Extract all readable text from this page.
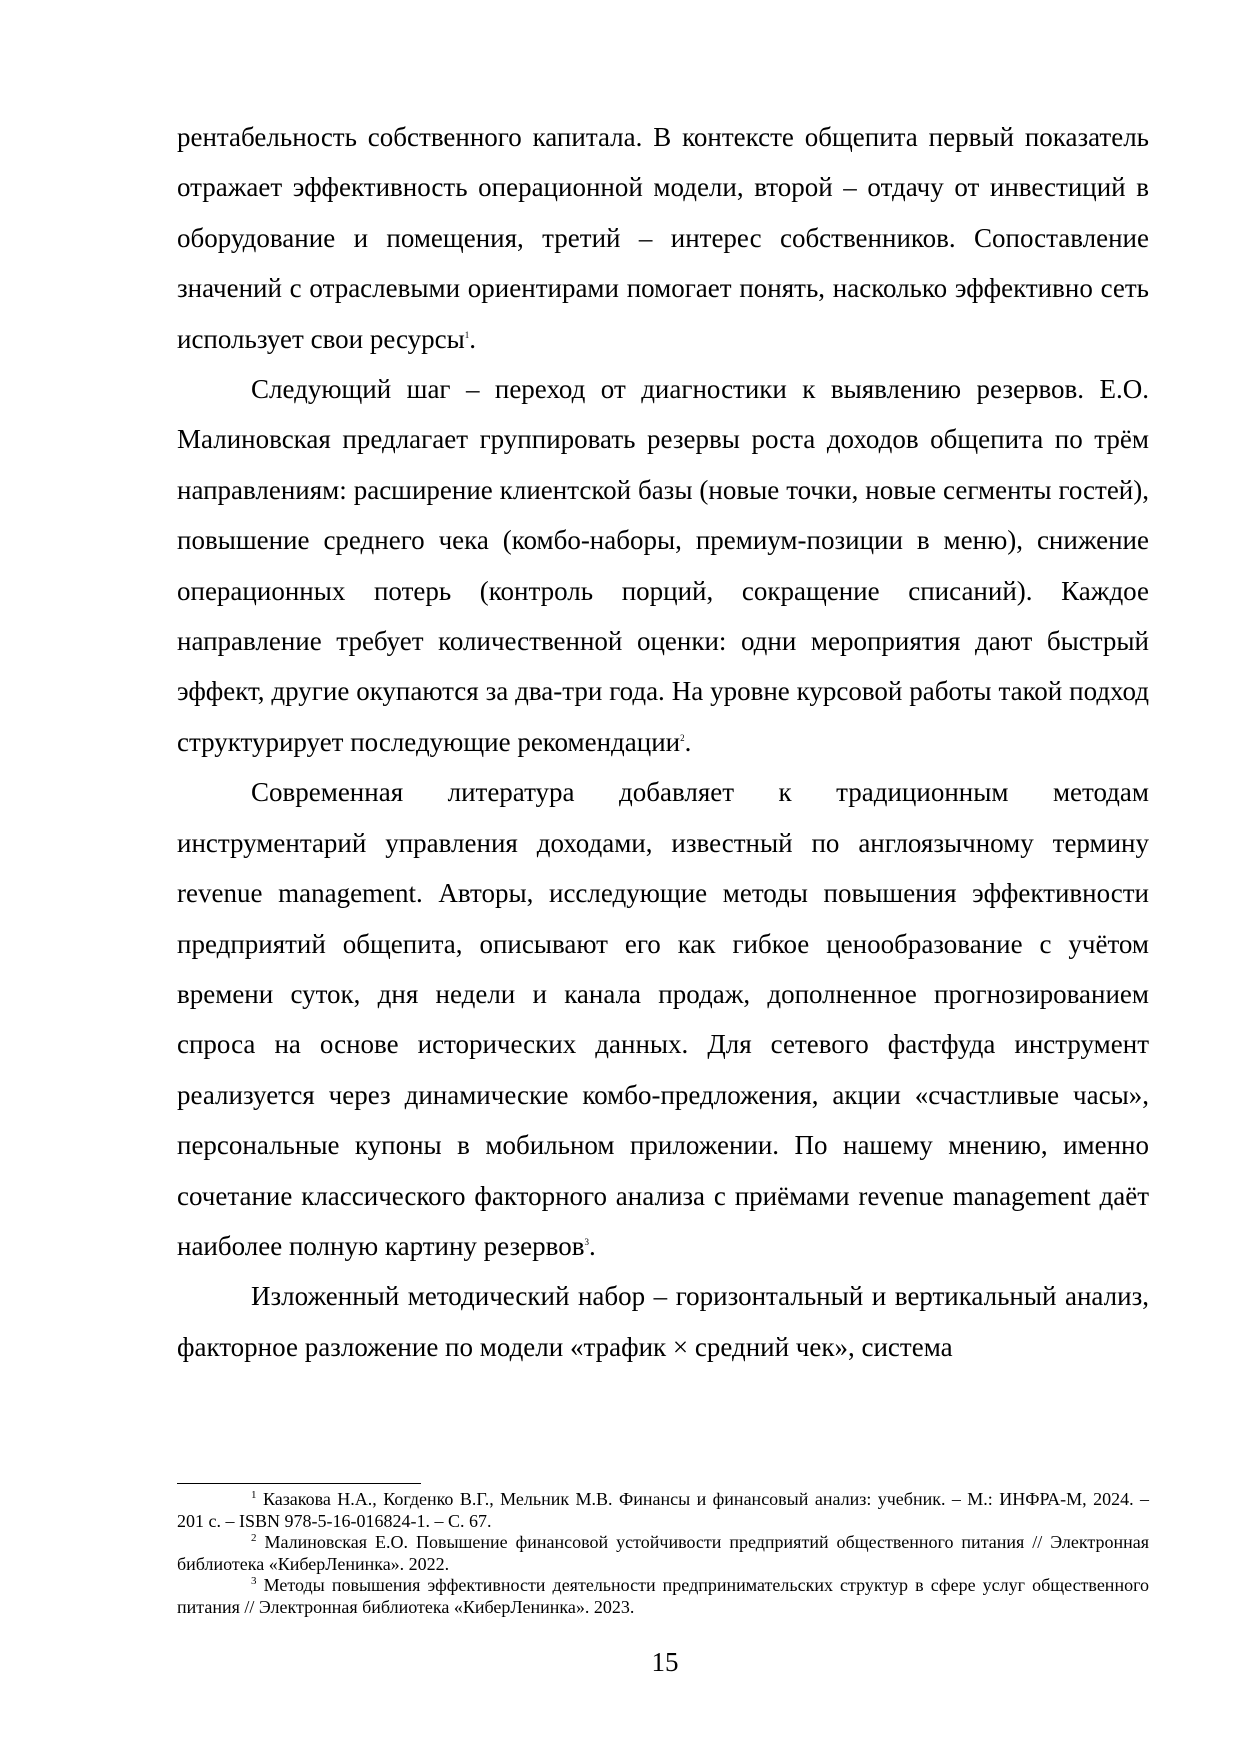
рентабельность собственного капитала. В контексте общепита первый показатель отражает эффективность операционной модели, второй – отдачу от инвестиций в оборудование и помещения, третий – интерес собственников. Сопоставление значений с отраслевыми ориентирами помогает понять, насколько эффективно сеть использует свои ресурсы$^1$.

Следующий шаг – переход от диагностики к выявлению резервов. Е.О. Малиновская предлагает группировать резервы роста доходов общепита по трём направлениям: расширение клиентской базы (новые точки, новые сегменты гостей), повышение среднего чека (комбо-наборы, премиум-позиции в меню), снижение операционных потерь (контроль порций, сокращение списаний). Каждое направление требует количественной оценки: одни мероприятия дают быстрый эффект, другие окупаются за два-три года. На уровне курсовой работы такой подход структурирует последующие рекомендации$^2$.

Современная литература добавляет к традиционным методам инструментарий управления доходами, известный по англоязычному термину revenue management. Авторы, исследующие методы повышения эффективности предприятий общепита, описывают его как гибкое ценообразование с учётом времени суток, дня недели и канала продаж, дополненное прогнозированием спроса на основе исторических данных. Для сетевого фастфуда инструмент реализуется через динамические комбо-предложения, акции «счастливые часы», персональные купоны в мобильном приложении. По нашему мнению, именно сочетание классического факторного анализа с приёмами revenue management даёт наиболее полную картину резервов$^3$.

Изложенный методический набор – горизонтальный и вертикальный анализ, факторное разложение по модели «трафик × средний чек», система

$^1$ Казакова Н.А., Когденко В.Г., Мельник М.В. Финансы и финансовый анализ: учебник. – М.: ИНФРА-М, 2024. – 201 с. – ISBN 978-5-16-016824-1. – С. 67.

$^2$ Малиновская Е.О. Повышение финансовой устойчивости предприятий общественного питания // Электронная библиотека «КиберЛенинка». 2022.

$^3$ Методы повышения эффективности деятельности предпринимательских структур в сфере услуг общественного питания // Электронная библиотека «КиберЛенинка». 2023.

15
